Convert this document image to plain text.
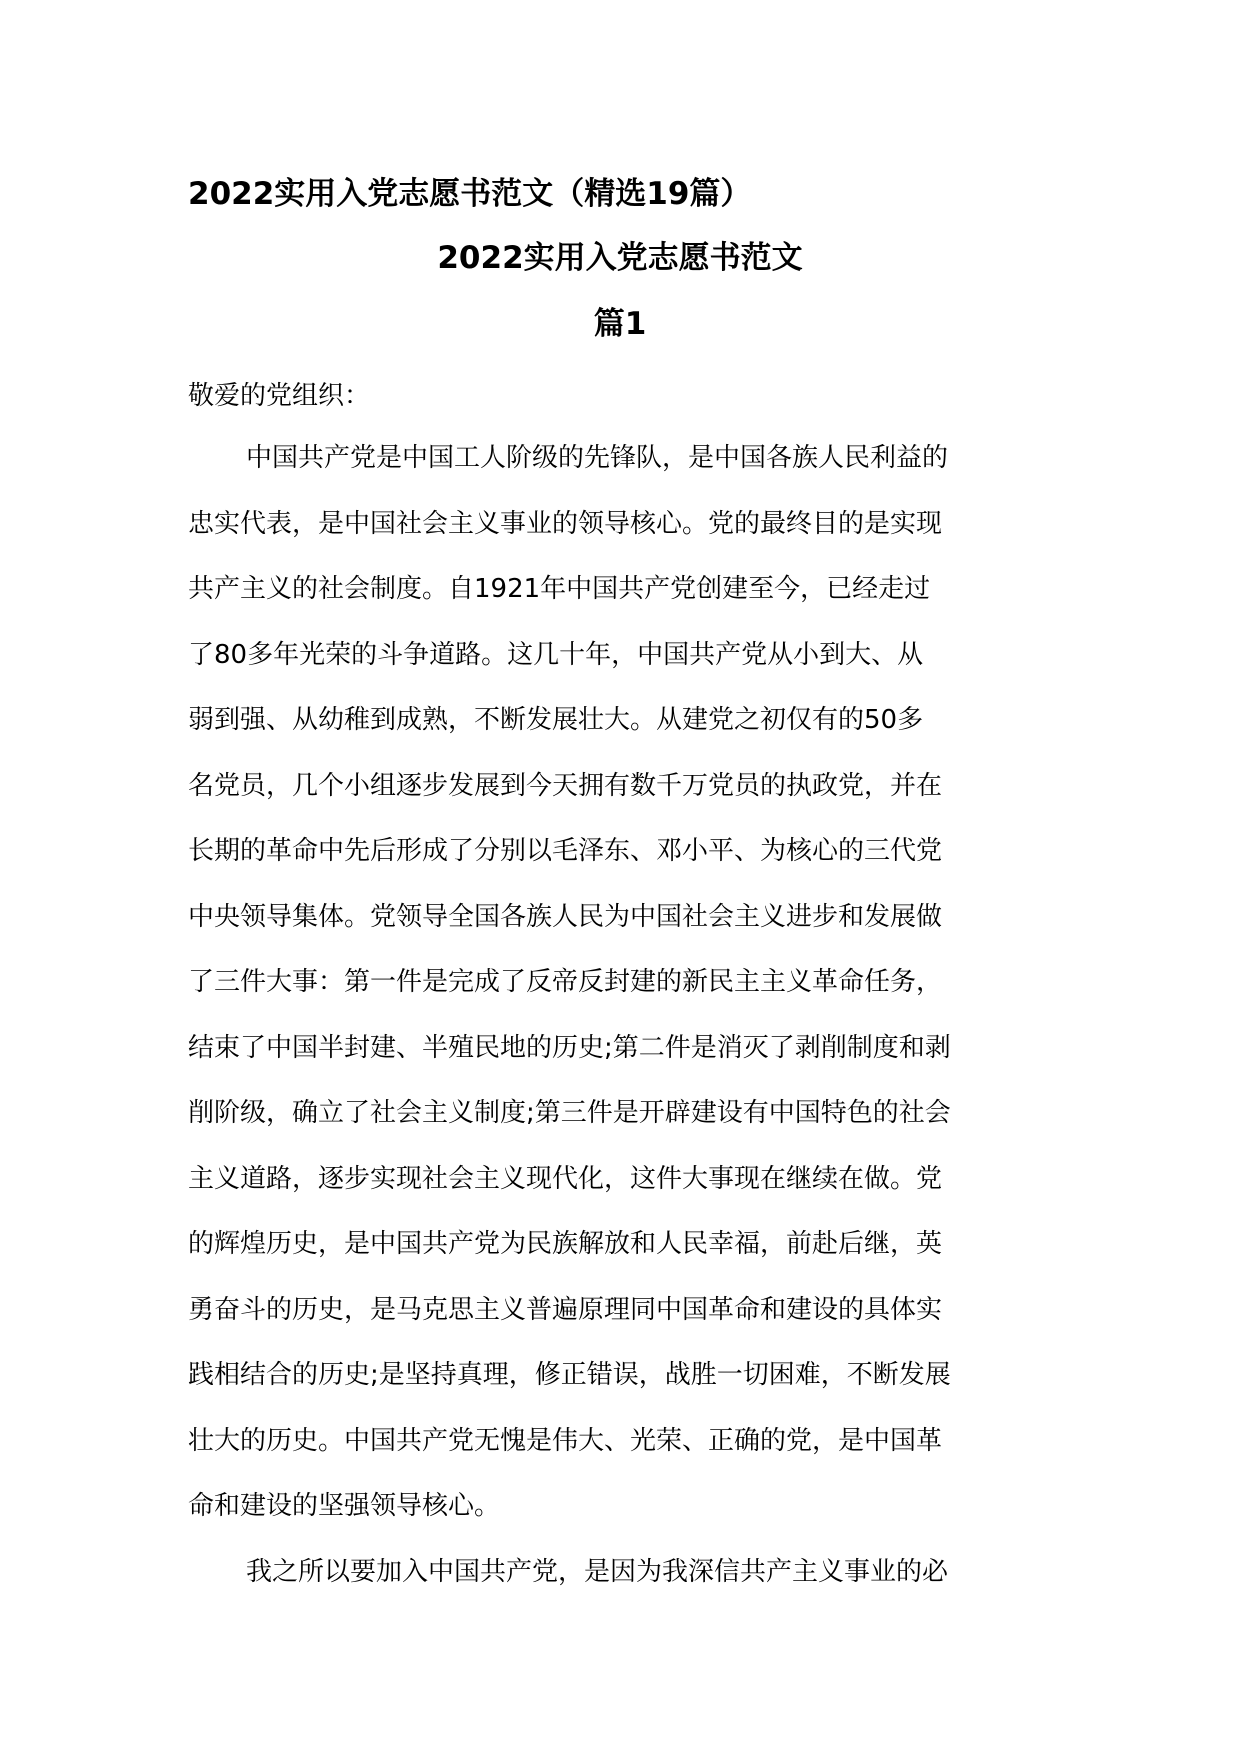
2022实用入党志愿书范文（精选19篇）
2022实用入党志愿书范文
篇1

敬爱的党组织：

中国共产党是中国工人阶级的先锋队，是中国各族人民利益的
忠实代表，是中国社会主义事业的领导核心。党的最终目的是实现
共产主义的社会制度。自1921年中国共产党创建至今，已经走过
了80多年光荣的斗争道路。这几十年，中国共产党从小到大、从
弱到强、从幼稚到成熟，不断发展壮大。从建党之初仅有的50多
名党员，几个小组逐步发展到今天拥有数千万党员的执政党，并在
长期的革命中先后形成了分别以毛泽东、邓小平、为核心的三代党
中央领导集体。党领导全国各族人民为中国社会主义进步和发展做
了三件大事：第一件是完成了反帝反封建的新民主主义革命任务，
结束了中国半封建、半殖民地的历史;第二件是消灭了剥削制度和剥
削阶级，确立了社会主义制度;第三件是开辟建设有中国特色的社会
主义道路，逐步实现社会主义现代化，这件大事现在继续在做。党
的辉煌历史，是中国共产党为民族解放和人民幸福，前赴后继，英
勇奋斗的历史，是马克思主义普遍原理同中国革命和建设的具体实
践相结合的历史;是坚持真理，修正错误，战胜一切困难，不断发展
壮大的历史。中国共产党无愧是伟大、光荣、正确的党，是中国革
命和建设的坚强领导核心。
我之所以要加入中国共产党，是因为我深信共产主义事业的必
